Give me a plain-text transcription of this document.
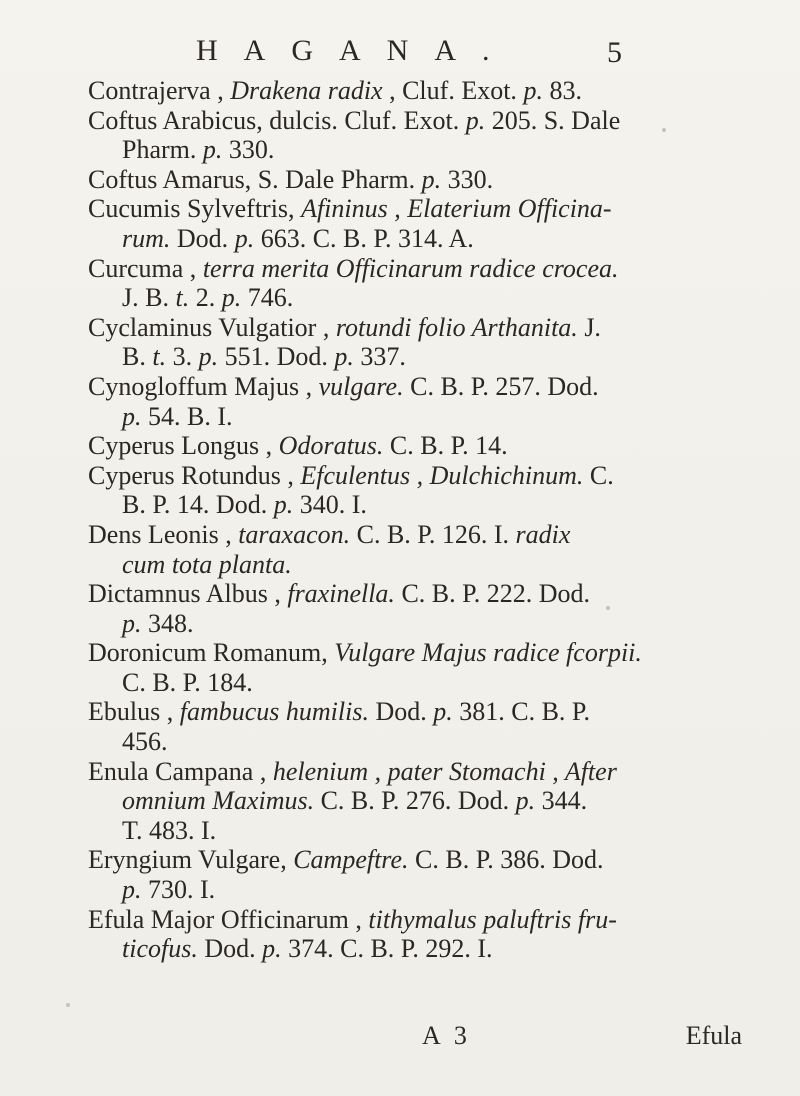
HAGANA.	5
Contrajerva , Drakena radix , Cluf. Exot. p. 83.
Coftus Arabicus, dulcis. Cluf. Exot. p. 205. S. Dale
Pharm. p. 330.
Coftus Amarus, S. Dale Pharm. p. 330.
Cucumis Sylveftris, Afininus , Elaterium Officina-
rum. Dod. p. 663. C. B. P. 314. A.
Curcuma , terra merita Officinarum radice crocea.
J. B. t. 2. p. 746.
Cyclaminus Vulgatior , rotundi folio Arthanita. J.
B. t. 3. p. 551. Dod. p. 337.
Cynogloffum Majus , vulgare. C. B. P. 257. Dod.
p. 54. B. I.
Cyperus Longus , Odoratus. C. B. P. 14.
Cyperus Rotundus , Efculentus , Dulchichinum. C.
B. P. 14. Dod. p. 340. I.
Dens Leonis , taraxacon. C. B. P. 126. I. radix
cum tota planta.
Dictamnus Albus , fraxinella. C. B. P. 222. Dod.
p. 348.
Doronicum Romanum, Vulgare Majus radice fcorpii.
C. B. P. 184.
Ebulus , fambucus humilis. Dod. p. 381. C. B. P.
456.
Enula Campana , helenium , pater Stomachi , After
omnium Maximus. C. B. P. 276. Dod. p. 344.
T. 483. I.
Eryngium Vulgare, Campeftre. C. B. P. 386. Dod.
p. 730. I.
Efula Major Officinarum , tithymalus paluftris fru-
ticofus. Dod. p. 374. C. B. P. 292. I.
A 3	Efula
